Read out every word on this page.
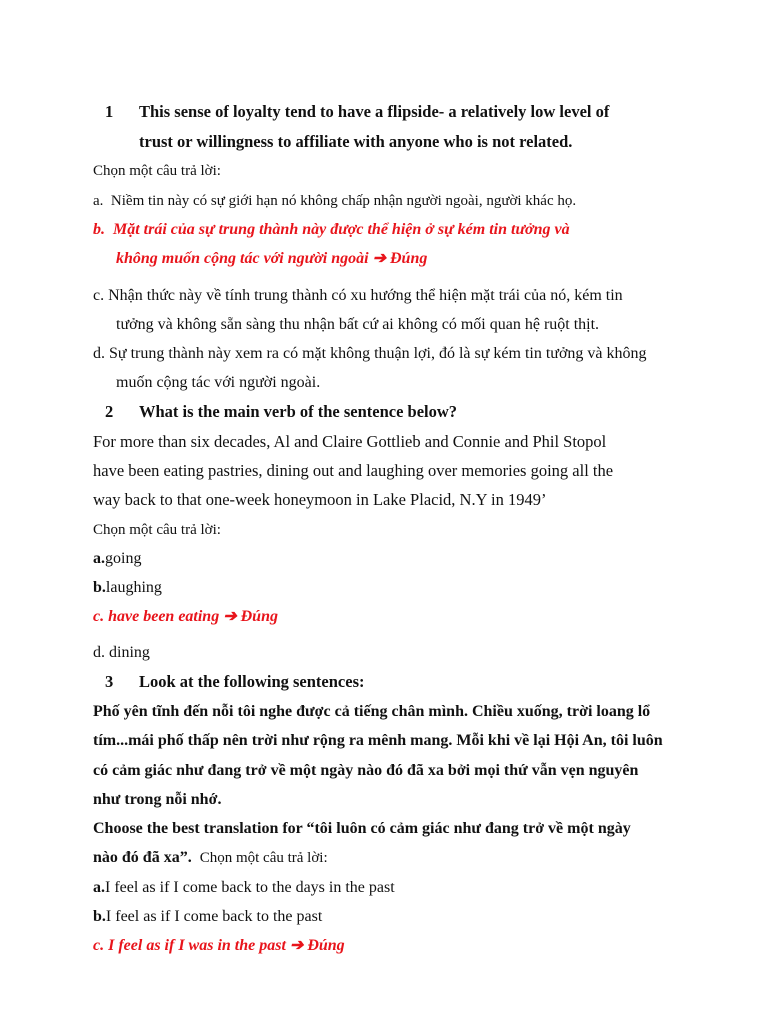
1 This sense of loyalty tend to have a flipside- a relatively low level of
trust or willingness to affiliate with anyone who is not related.
Chọn một câu trả lời:
a. Niềm tin này có sự giới hạn nó không chấp nhận người ngoài, người khác họ.
b. Mặt trái của sự trung thành này được thể hiện ở sự kém tin tưởng và
không muốn cộng tác với người ngoài ➔ Đúng
c. Nhận thức này về tính trung thành có xu hướng thể hiện mặt trái của nó, kém tin
tưởng và không sẵn sàng thu nhận bất cứ ai không có mối quan hệ ruột thịt.
d. Sự trung thành này xem ra có mặt không thuận lợi, đó là sự kém tin tưởng và không
muốn cộng tác với người ngoài.
2 What is the main verb of the sentence below?
For more than six decades, Al and Claire Gottlieb and Connie and Phil Stopol
have been eating pastries, dining out and laughing over memories going all the
way back to that one-week honeymoon in Lake Placid, N.Y in 1949’
Chọn một câu trả lời:
a.going
b.laughing
c. have been eating ➔ Đúng
d. dining
3 Look at the following sentences:
Phố yên tĩnh đến nỗi tôi nghe được cả tiếng chân mình. Chiều xuống, trời loang lổ
tím...mái phố thấp nên trời như rộng ra mênh mang. Mỗi khi về lại Hội An, tôi luôn
có cảm giác như đang trở về một ngày nào đó đã xa bởi mọi thứ vẫn vẹn nguyên
như trong nỗi nhớ.
Choose the best translation for “tôi luôn có cảm giác như đang trở về một ngày
nào đó đã xa”. Chọn một câu trả lời:
a.I feel as if I come back to the days in the past
b.I feel as if I come back to the past
c. I feel as if I was in the past ➔ Đúng
